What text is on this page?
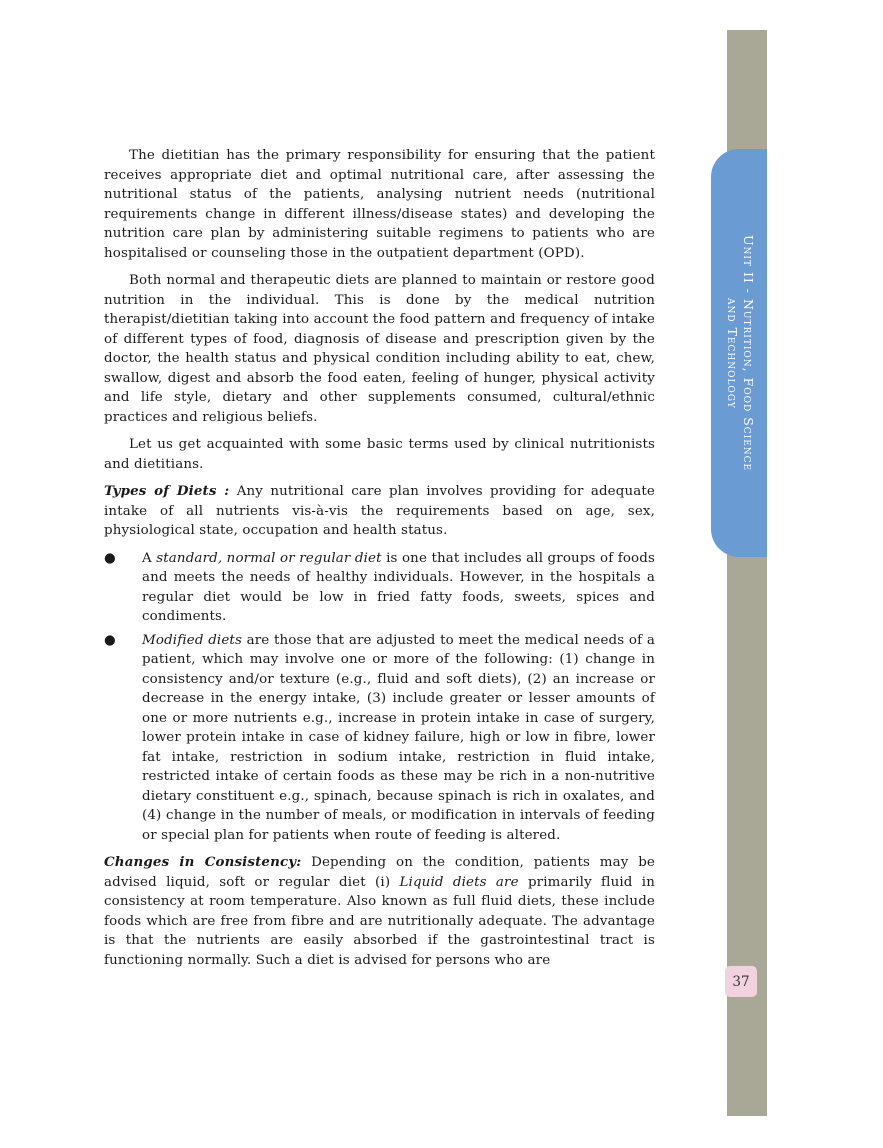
Unit II - Nutrition, Food Science
and Technology
37

The dietitian has the primary responsibility for ensuring that the patient receives appropriate diet and optimal nutritional care, after assessing the nutritional status of the patients, analysing nutrient needs (nutritional requirements change in different illness/disease states) and developing the nutrition care plan by administering suitable regimens to patients who are hospitalised or counseling those in the outpatient department (OPD).

Both normal and therapeutic diets are planned to maintain or restore good nutrition in the individual. This is done by the medical nutrition therapist/dietitian taking into account the food pattern and frequency of intake of different types of food, diagnosis of disease and prescription given by the doctor, the health status and physical condition including ability to eat, chew, swallow, digest and absorb the food eaten, feeling of hunger, physical activity and life style, dietary and other supplements consumed, cultural/ethnic practices and religious beliefs.

Let us get acquainted with some basic terms used by clinical nutritionists and dietitians.

Types of Diets : Any nutritional care plan involves providing for adequate intake of all nutrients vis-à-vis the requirements based on age, sex, physiological state, occupation and health status.

● A standard, normal or regular diet is one that includes all groups of foods and meets the needs of healthy individuals. However, in the hospitals a regular diet would be low in fried fatty foods, sweets, spices and condiments.
● Modified diets are those that are adjusted to meet the medical needs of a patient, which may involve one or more of the following: (1) change in consistency and/or texture (e.g., fluid and soft diets), (2) an increase or decrease in the energy intake, (3) include greater or lesser amounts of one or more nutrients e.g., increase in protein intake in case of surgery, lower protein intake in case of kidney failure, high or low in fibre, lower fat intake, restriction in sodium intake, restriction in fluid intake, restricted intake of certain foods as these may be rich in a non-nutritive dietary constituent e.g., spinach, because spinach is rich in oxalates, and (4) change in the number of meals, or modification in intervals of feeding or special plan for patients when route of feeding is altered.

Changes in Consistency: Depending on the condition, patients may be advised liquid, soft or regular diet (i) Liquid diets are primarily fluid in consistency at room temperature. Also known as full fluid diets, these include foods which are free from fibre and are nutritionally adequate. The advantage is that the nutrients are easily absorbed if the gastrointestinal tract is functioning normally. Such a diet is advised for persons who are
